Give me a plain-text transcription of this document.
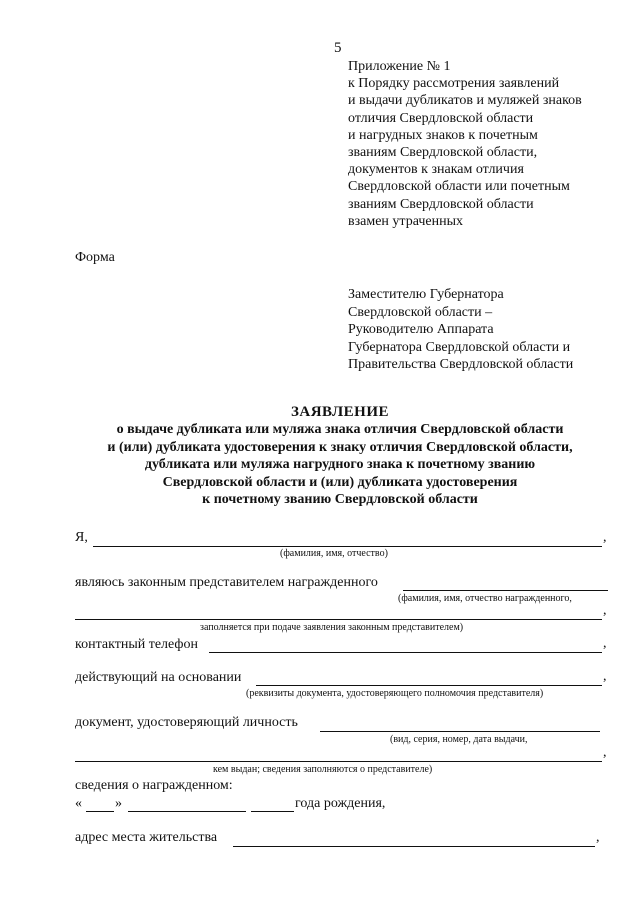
5
Приложение № 1
к Порядку рассмотрения заявлений
и выдачи дубликатов и муляжей знаков
отличия Свердловской области
и нагрудных знаков к почетным
званиям Свердловской области,
документов к знакам отличия
Свердловской области или почетным
званиям Свердловской области
взамен утраченных
Форма
Заместителю Губернатора
Свердловской области –
Руководителю Аппарата
Губернатора Свердловской области и
Правительства Свердловской области
ЗАЯВЛЕНИЕ
о выдаче дубликата или муляжа знака отличия Свердловской области
и (или) дубликата удостоверения к знаку отличия Свердловской области,
дубликата или муляжа нагрудного знака к почетному званию
Свердловской области и (или) дубликата удостоверения
к почетному званию Свердловской области
Я,	,
(фамилия, имя, отчество)
являюсь законным представителем награжденного
(фамилия, имя, отчество награжденного,
,
заполняется при подаче заявления законным представителем)
контактный телефон	,
действующий на основании	,
(реквизиты документа, удостоверяющего полномочия представителя)
документ, удостоверяющий личность
(вид, серия, номер, дата выдачи,
,
кем выдан; сведения заполняются о представителе)
сведения о награжденном:
« »	года рождения,
адрес места жительства	,
